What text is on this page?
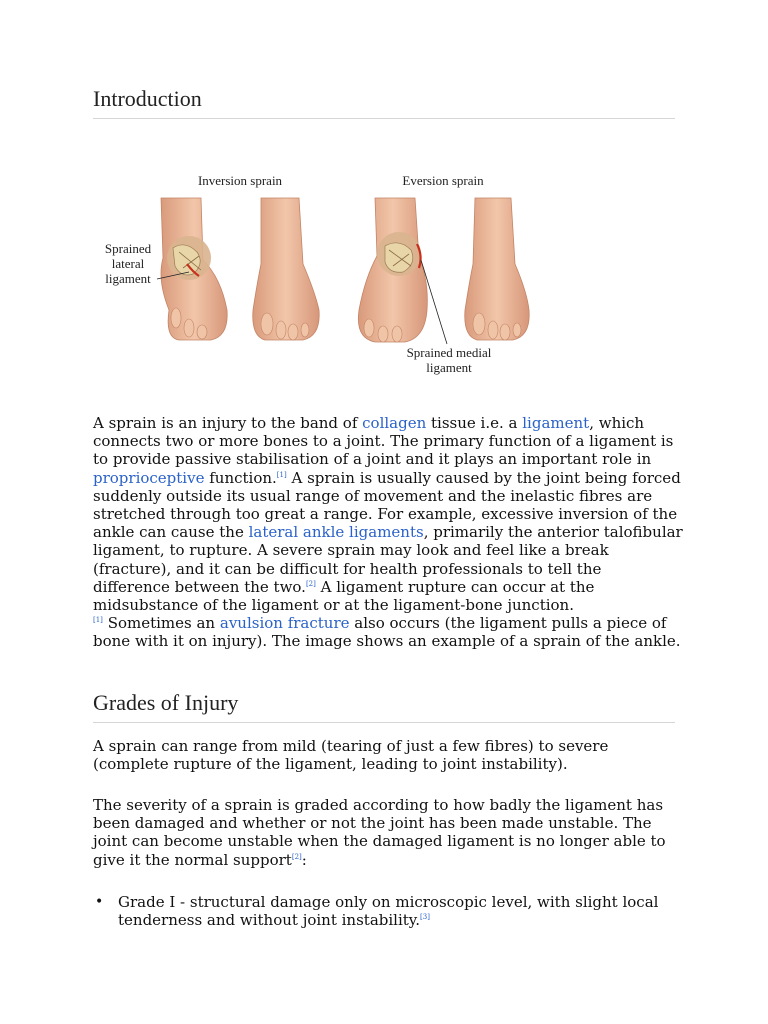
Introduction
Inversion sprain	Eversion sprain
Sprained
lateral
ligament
Sprained medial
ligament

A sprain is an injury to the band of collagen tissue i.e. a ligament, which connects two or more bones to a joint. The primary function of a ligament is to provide passive stabilisation of a joint and it plays an important role in proprioceptive function.[1] A sprain is usually caused by the joint being forced suddenly outside its usual range of movement and the inelastic fibres are stretched through too great a range. For example, excessive inversion of the ankle can cause the lateral ankle ligaments, primarily the anterior talofibular ligament, to rupture. A severe sprain may look and feel like a break (fracture), and it can be difficult for health professionals to tell the difference between the two.[2] A ligament rupture can occur at the midsubstance of the ligament or at the ligament-bone junction.
[1] Sometimes an avulsion fracture also occurs (the ligament pulls a piece of bone with it on injury). The image shows an example of a sprain of the ankle.

Grades of Injury

A sprain can range from mild (tearing of just a few fibres) to severe (complete rupture of the ligament, leading to joint instability).

The severity of a sprain is graded according to how badly the ligament has been damaged and whether or not the joint has been made unstable. The joint can become unstable when the damaged ligament is no longer able to give it the normal support[2]:

• Grade I - structural damage only on microscopic level, with slight local tenderness and without joint instability.[3]
